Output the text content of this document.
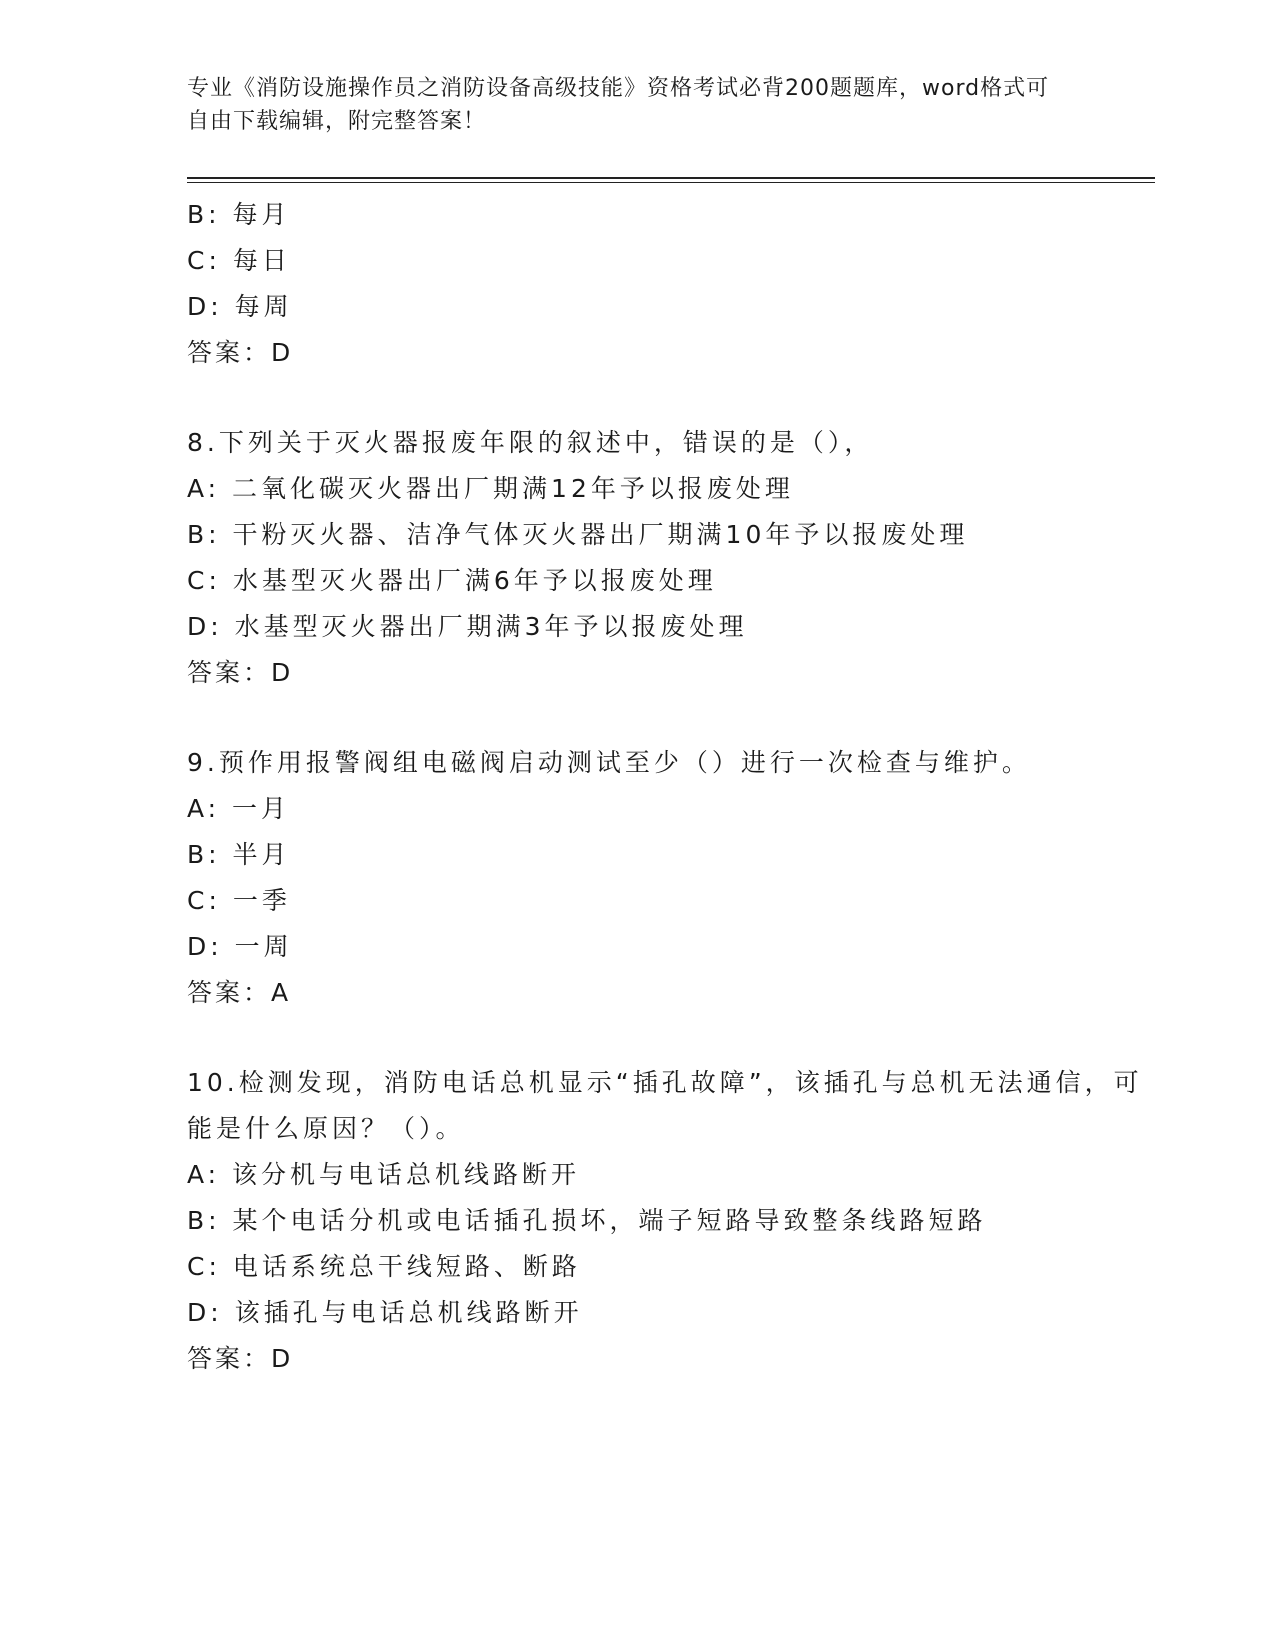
专业《消防设施操作员之消防设备高级技能》资格考试必背200题题库，word格式可自由下载编辑，附完整答案！
B: 每月
C: 每日
D: 每周
答案：D
8.下列关于灭火器报废年限的叙述中，错误的是（），
A: 二氧化碳灭火器出厂期满12年予以报废处理
B: 干粉灭火器、洁净气体灭火器出厂期满10年予以报废处理
C: 水基型灭火器出厂满6年予以报废处理
D: 水基型灭火器出厂期满3年予以报废处理
答案：D
9.预作用报警阀组电磁阀启动测试至少（）进行一次检查与维护。
A: 一月
B: 半月
C: 一季
D: 一周
答案：A
10.检测发现，消防电话总机显示“插孔故障”，该插孔与总机无法通信，可能是什么原因？（）。
A: 该分机与电话总机线路断开
B: 某个电话分机或电话插孔损坏，端子短路导致整条线路短路
C: 电话系统总干线短路、断路
D: 该插孔与电话总机线路断开
答案：D
